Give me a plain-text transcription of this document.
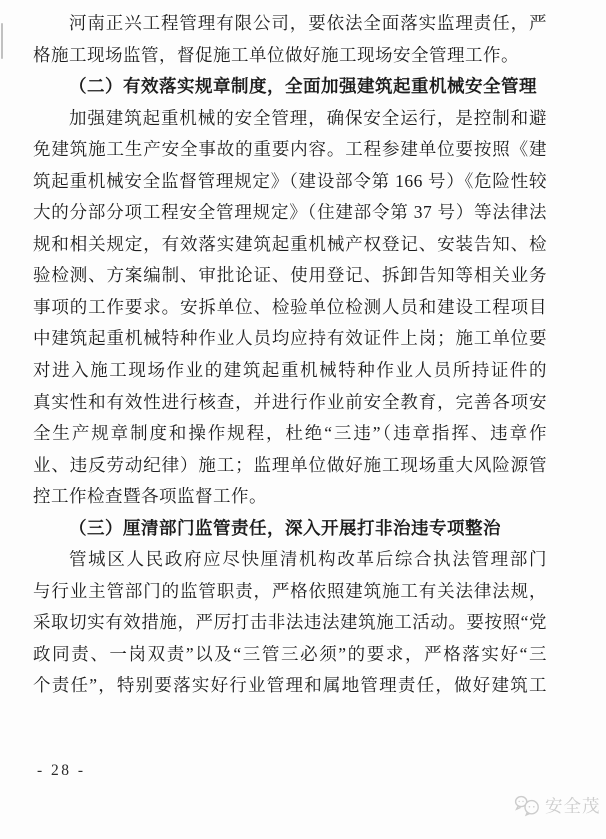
河南正兴工程管理有限公司，要依法全面落实监理责任，严
格施工现场监管，督促施工单位做好施工现场安全管理工作。
（二）有效落实规章制度，全面加强建筑起重机械安全管理
加强建筑起重机械的安全管理，确保安全运行，是控制和避
免建筑施工生产安全事故的重要内容。工程参建单位要按照《建
筑起重机械安全监督管理规定》（建设部令第 166 号）《危险性较
大的分部分项工程安全管理规定》（住建部令第 37 号）等法律法
规和相关规定，有效落实建筑起重机械产权登记、安装告知、检
验检测、方案编制、审批论证、使用登记、拆卸告知等相关业务
事项的工作要求。安拆单位、检验单位检测人员和建设工程项目
中建筑起重机械特种作业人员均应持有效证件上岗；施工单位要
对进入施工现场作业的建筑起重机械特种作业人员所持证件的
真实性和有效性进行核查，并进行作业前安全教育，完善各项安
全生产规章制度和操作规程，杜绝“三违”（违章指挥、违章作
业、违反劳动纪律）施工；监理单位做好施工现场重大风险源管
控工作检查暨各项监督工作。
（三）厘清部门监管责任，深入开展打非治违专项整治
管城区人民政府应尽快厘清机构改革后综合执法管理部门
与行业主管部门的监管职责，严格依照建筑施工有关法律法规，
采取切实有效措施，严厉打击非法违法建筑施工活动。要按照“党
政同责、一岗双责”以及“三管三必须”的要求，严格落实好“三
个责任”，特别要落实好行业管理和属地管理责任，做好建筑工
- 28 -
安全茂
